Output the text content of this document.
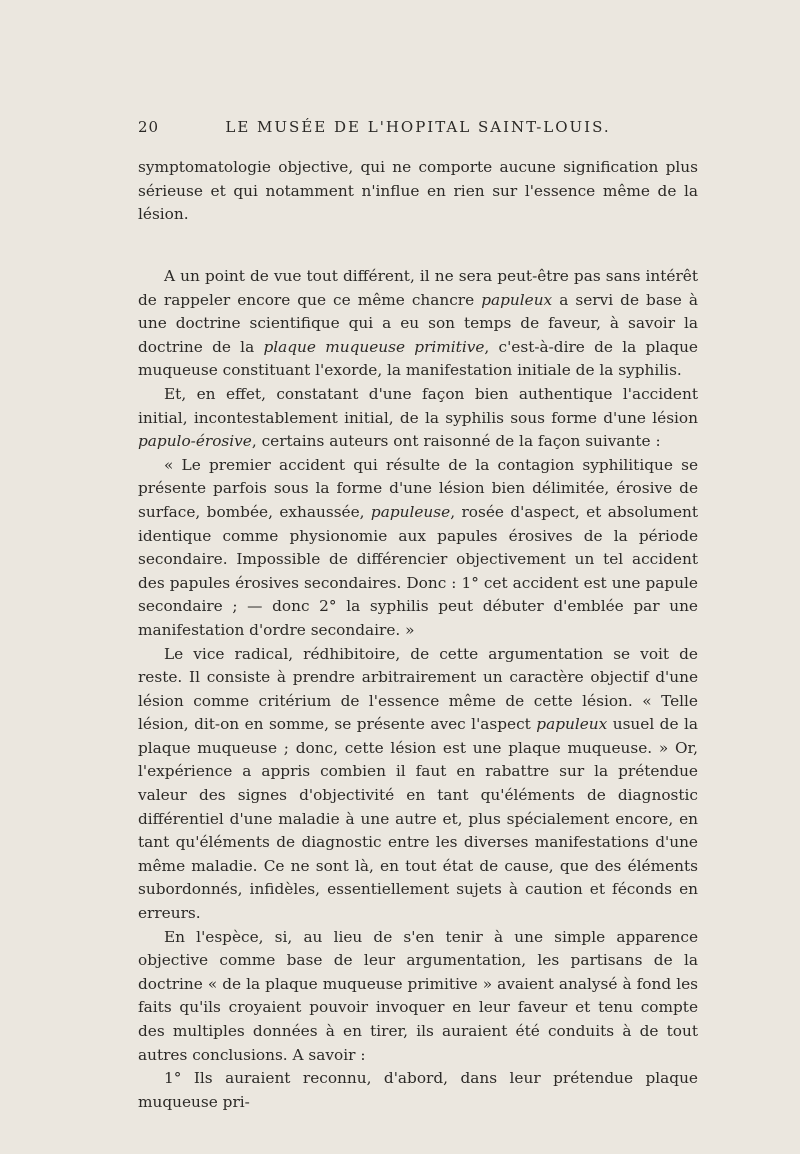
20	LE MUSÉE DE L'HOPITAL SAINT-LOUIS.

symptomatologie objective, qui ne comporte aucune signification plus sérieuse et qui notamment n'influe en rien sur l'essence même de la lésion.

A un point de vue tout différent, il ne sera peut-être pas sans intérêt de rappeler encore que ce même chancre papuleux a servi de base à une doctrine scientifique qui a eu son temps de faveur, à savoir la doctrine de la plaque muqueuse primitive, c'est-à-dire de la plaque muqueuse constituant l'exorde, la manifestation initiale de la syphilis.

Et, en effet, constatant d'une façon bien authentique l'accident initial, incontestablement initial, de la syphilis sous forme d'une lésion papulo-érosive, certains auteurs ont raisonné de la façon suivante :

« Le premier accident qui résulte de la contagion syphilitique se présente parfois sous la forme d'une lésion bien délimitée, érosive de surface, bombée, exhaussée, papuleuse, rosée d'aspect, et absolument identique comme physionomie aux papules érosives de la période secondaire. Impossible de différencier objectivement un tel accident des papules érosives secondaires. Donc : 1° cet accident est une papule secondaire ; — donc 2° la syphilis peut débuter d'emblée par une manifestation d'ordre secondaire. »

Le vice radical, rédhibitoire, de cette argumentation se voit de reste. Il consiste à prendre arbitrairement un caractère objectif d'une lésion comme critérium de l'essence même de cette lésion. « Telle lésion, dit-on en somme, se présente avec l'aspect papuleux usuel de la plaque muqueuse ; donc, cette lésion est une plaque muqueuse. » Or, l'expérience a appris combien il faut en rabattre sur la prétendue valeur des signes d'objectivité en tant qu'éléments de diagnostic différentiel d'une maladie à une autre et, plus spécialement encore, en tant qu'éléments de diagnostic entre les diverses manifestations d'une même maladie. Ce ne sont là, en tout état de cause, que des éléments subordonnés, infidèles, essentiellement sujets à caution et féconds en erreurs.

En l'espèce, si, au lieu de s'en tenir à une simple apparence objective comme base de leur argumentation, les partisans de la doctrine « de la plaque muqueuse primitive » avaient analysé à fond les faits qu'ils croyaient pouvoir invoquer en leur faveur et tenu compte des multiples données à en tirer, ils auraient été conduits à de tout autres conclusions. A savoir :

1° Ils auraient reconnu, d'abord, dans leur prétendue plaque muqueuse pri-
